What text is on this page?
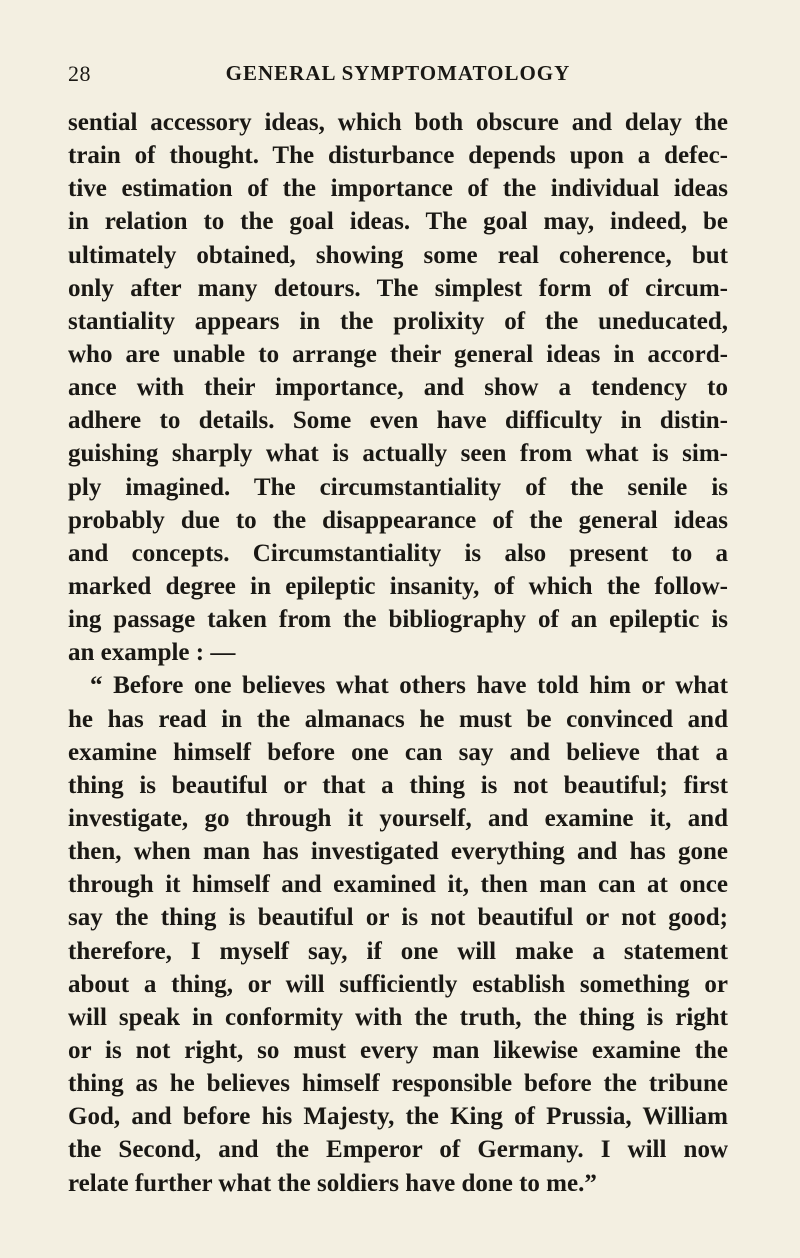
28	GENERAL SYMPTOMATOLOGY
sential accessory ideas, which both obscure and delay the
train of thought. The disturbance depends upon a defec-
tive estimation of the importance of the individual ideas
in relation to the goal ideas. The goal may, indeed, be
ultimately obtained, showing some real coherence, but
only after many detours. The simplest form of circum-
stantiality appears in the prolixity of the uneducated,
who are unable to arrange their general ideas in accord-
ance with their importance, and show a tendency to
adhere to details. Some even have difficulty in distin-
guishing sharply what is actually seen from what is sim-
ply imagined. The circumstantiality of the senile is
probably due to the disappearance of the general ideas
and concepts. Circumstantiality is also present to a
marked degree in epileptic insanity, of which the follow-
ing passage taken from the bibliography of an epileptic is
an example : —
“ Before one believes what others have told him or what
he has read in the almanacs he must be convinced and
examine himself before one can say and believe that a
thing is beautiful or that a thing is not beautiful; first
investigate, go through it yourself, and examine it, and
then, when man has investigated everything and has gone
through it himself and examined it, then man can at once
say the thing is beautiful or is not beautiful or not good;
therefore, I myself say, if one will make a statement
about a thing, or will sufficiently establish something or
will speak in conformity with the truth, the thing is right
or is not right, so must every man likewise examine the
thing as he believes himself responsible before the tribune
God, and before his Majesty, the King of Prussia, William
the Second, and the Emperor of Germany. I will now
relate further what the soldiers have done to me.”
